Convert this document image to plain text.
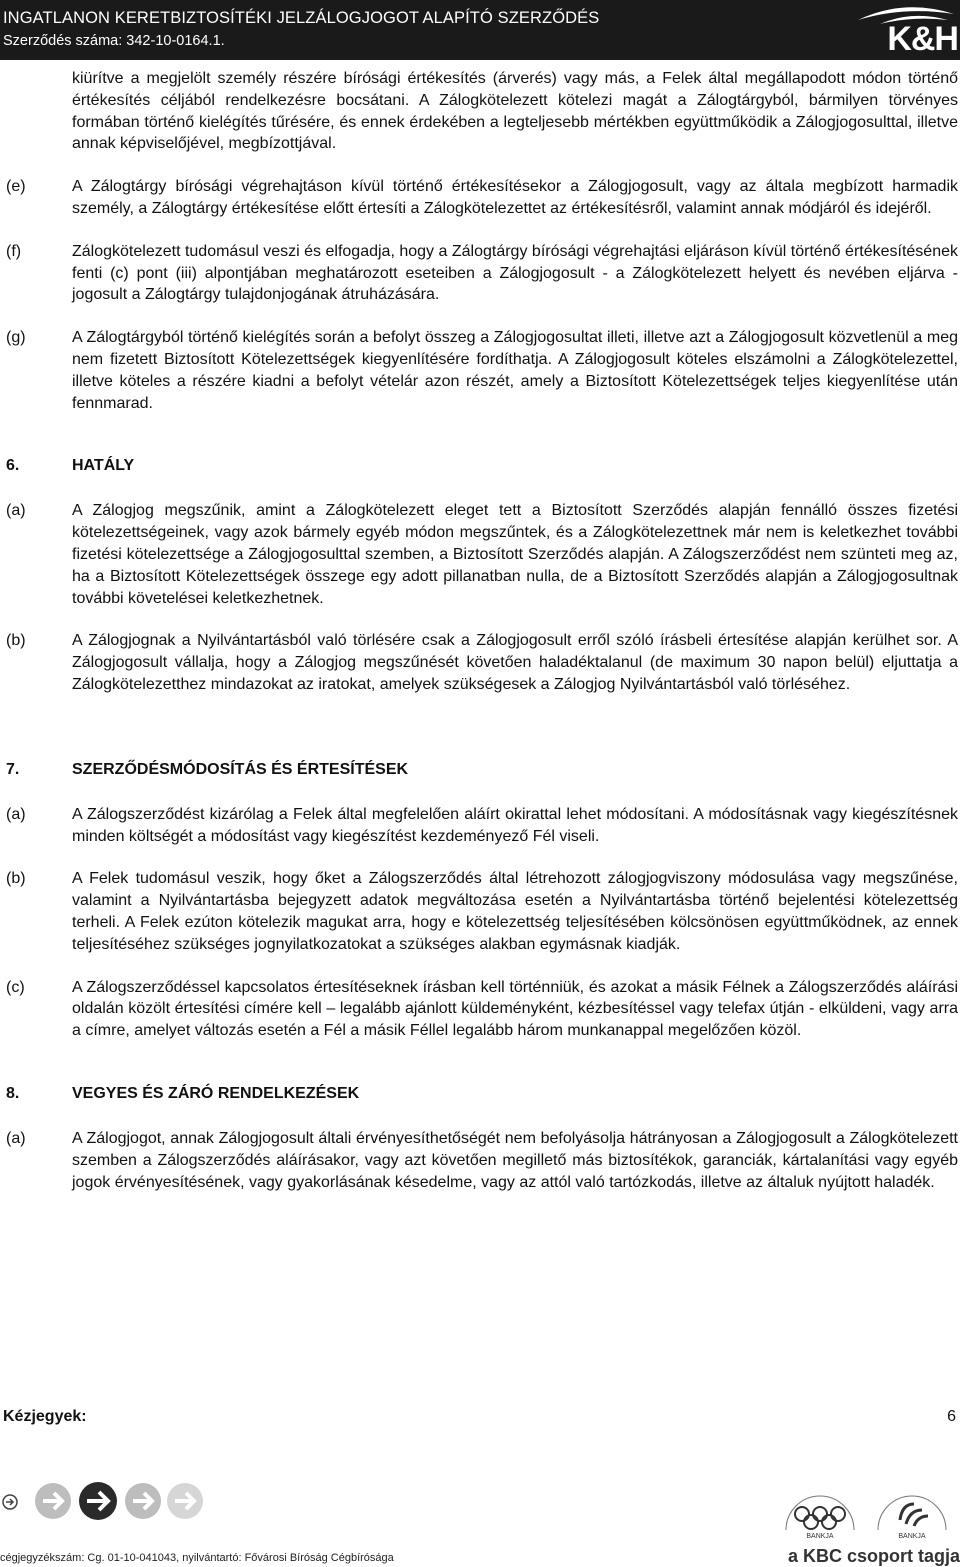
INGATLANON KERETBIZTOSÍTÉKI JELZÁLOGJOGOT ALAPÍTÓ SZERZŐDÉS
Szerződés száma: 342-10-0164.1.	K&H
kiürítve a megjelölt személy részére bírósági értékesítés (árverés) vagy más, a Felek által megállapodott módon történő értékesítés céljából rendelkezésre bocsátani. A Zálogkötelezett kötelezi magát a Zálogtárgyból, bármilyen törvényes formában történő kielégítés tűrésére, és ennek érdekében a legteljesebb mértékben együttműködik a Zálogjogosulttal, illetve annak képviselőjével, megbízottjával.
(e)	A Zálogtárgy bírósági végrehajtáson kívül történő értékesítésekor a Zálogjogosult, vagy az általa megbízott harmadik személy, a Zálogtárgy értékesítése előtt értesíti a Zálogkötelezettet az értékesítésről, valamint annak módjáról és idejéről.
(f)	Zálogkötelezett tudomásul veszi és elfogadja, hogy a Zálogtárgy bírósági végrehajtási eljáráson kívül történő értékesítésének fenti (c) pont (iii) alpontjában meghatározott eseteiben a Zálogjogosult - a Zálogkötelezett helyett és nevében eljárva - jogosult a Zálogtárgy tulajdonjogának átruházására.
(g)	A Zálogtárgyból történő kielégítés során a befolyt összeg a Zálogjogosultat illeti, illetve azt a Zálogjogosult közvetlenül a meg nem fizetett Biztosított Kötelezettségek kiegyenlítésére fordíthatja. A Zálogjogosult köteles elszámolni a Zálogkötelezettel, illetve köteles a részére kiadni a befolyt vételár azon részét, amely a Biztosított Kötelezettségek teljes kiegyenlítése után fennmarad.
6.	HATÁLY
(a)	A Zálogjog megszűnik, amint a Zálogkötelezett eleget tett a Biztosított Szerződés alapján fennálló összes fizetési kötelezettségeinek, vagy azok bármely egyéb módon megszűntek, és a Zálogkötelezettnek már nem is keletkezhet további fizetési kötelezettsége a Zálogjogosulttal szemben, a Biztosított Szerződés alapján. A Zálogszerződést nem szünteti meg az, ha a Biztosított Kötelezettségek összege egy adott pillanatban nulla, de a Biztosított Szerződés alapján a Zálogjogosultnak további követelései keletkezhetnek.
(b)	A Zálogjognak a Nyilvántartásból való törlésére csak a Zálogjogosult erről szóló írásbeli értesítése alapján kerülhet sor. A Zálogjogosult vállalja, hogy a Zálogjog megszűnését követően haladéktalanul (de maximum 30 napon belül) eljuttatja a Zálogkötelezetthez mindazokat az iratokat, amelyek szükségesek a Zálogjog Nyilvántartásból való törléséhez.
7.	SZERZŐDÉSMÓDOSÍTÁS ÉS ÉRTESÍTÉSEK
(a)	A Zálogszerződést kizárólag a Felek által megfelelően aláírt okirattal lehet módosítani. A módosításnak vagy kiegészítésnek minden költségét a módosítást vagy kiegészítést kezdeményező Fél viseli.
(b)	A Felek tudomásul veszik, hogy őket a Zálogszerződés által létrehozott zálogjogviszony módosulása vagy megszűnése, valamint a Nyilvántartásba bejegyzett adatok megváltozása esetén a Nyilvántartásba történő bejelentési kötelezettség terheli. A Felek ezúton kötelezik magukat arra, hogy e kötelezettség teljesítésében kölcsönösen együttműködnek, az ennek teljesítéséhez szükséges jognyilatkozatokat a szükséges alakban egymásnak kiadják.
(c)	A Zálogszerződéssel kapcsolatos értesítéseknek írásban kell történniük, és azokat a másik Félnek a Zálogszerződés aláírási oldalán közölt értesítési címére kell – legalább ajánlott küldeményként, kézbesítéssel vagy telefax útján - elküldeni, vagy arra a címre, amelyet változás esetén a Fél a másik Féllel legalább három munkanappal megelőzően közöl.
8.	VEGYES ÉS ZÁRÓ RENDELKEZÉSEK
(a)	A Zálogjogot, annak Zálogjogosult általi érvényesíthetőségét nem befolyásolja hátrányosan a Zálogjogosult a Zálogkötelezett szemben a Zálogszerződés aláírásakor, vagy azt követően megillető más biztosítékok, garanciák, kártalanítási vagy egyéb jogok érvényesítésének, vagy gyakorlásának késedelme, vagy az attól való tartózkodás, illetve az általuk nyújtott haladék.
Kézjegyek:	6
BANKJA	BANKJA
cégjegyzékszám: Cg. 01-10-041043, nyilvántartó: Fővárosi Bíróság Cégbírósága	a KBC csoport tagja
